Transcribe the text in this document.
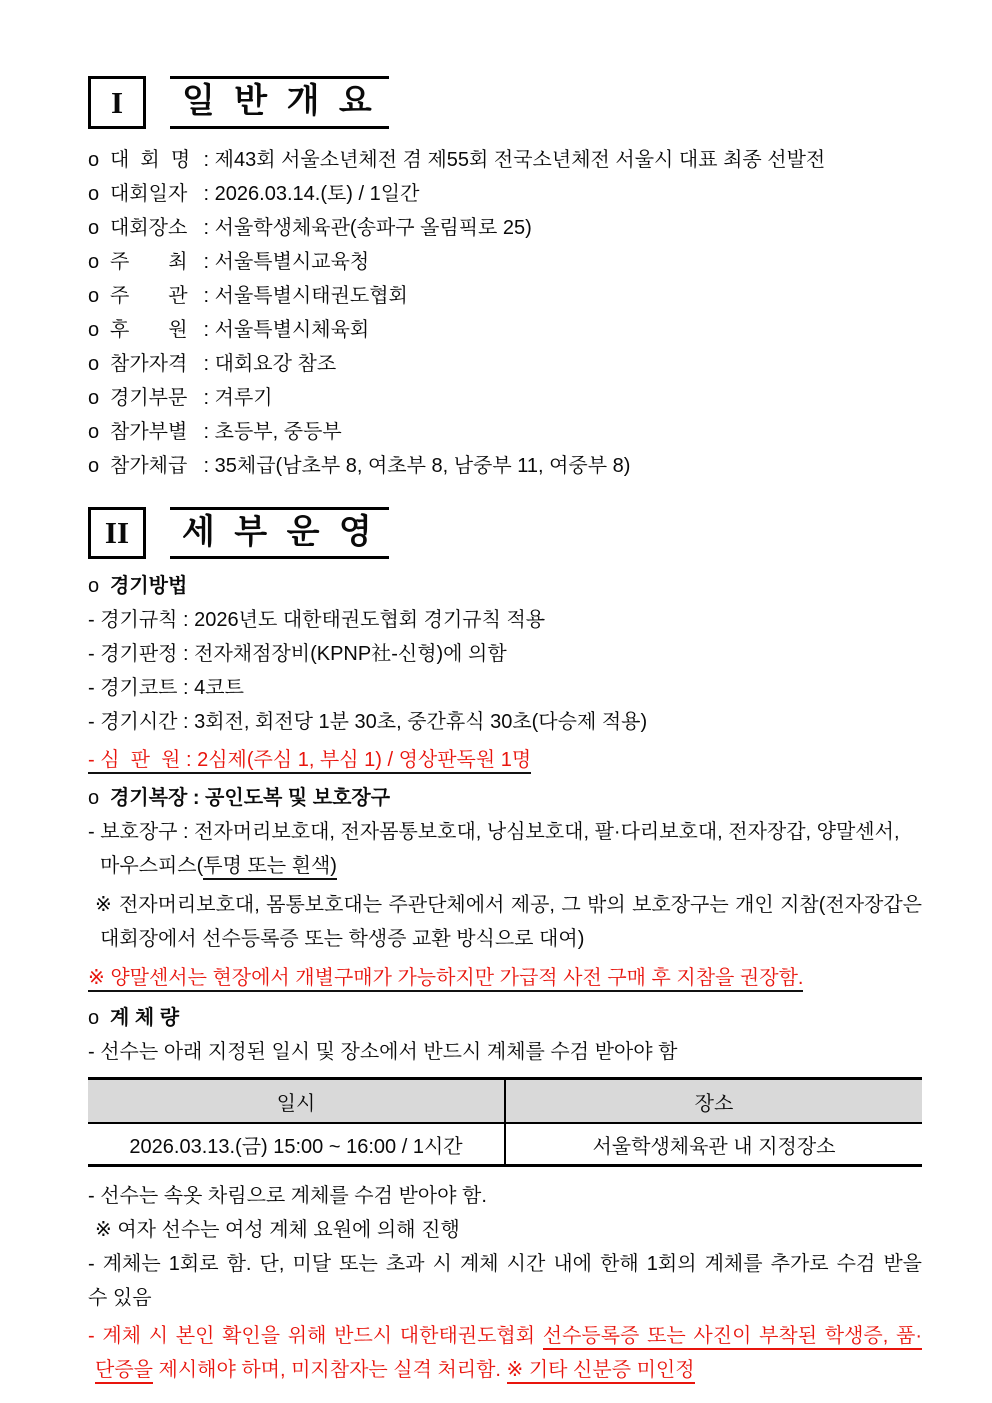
I	일 반 개 요
o 대  회  명 : 제43회 서울소년체전 겸 제55회 전국소년체전 서울시 대표 최종 선발전
o 대회일자 : 2026.03.14.(토) / 1일간
o 대회장소 : 서울학생체육관(송파구 올림픽로 25)
o 주       최 : 서울특별시교육청
o 주       관 : 서울특별시태권도협회
o 후       원 : 서울특별시체육회
o 참가자격 : 대회요강 참조
o 경기부문 : 겨루기
o 참가부별 : 초등부, 중등부
o 참가체급 : 35체급(남초부 8, 여초부 8, 남중부 11, 여중부 8)
II	세 부 운 영
o 경기방법
- 경기규칙 : 2026년도 대한태권도협회 경기규칙 적용
- 경기판정 : 전자채점장비(KPNP社-신형)에 의함
- 경기코트 : 4코트
- 경기시간 : 3회전, 회전당 1분 30초, 중간휴식 30초(다승제 적용)
- 심  판  원 : 2심제(주심 1, 부심 1) / 영상판독원 1명
o 경기복장 : 공인도복 및 보호장구
- 보호장구 : 전자머리보호대, 전자몸통보호대, 낭심보호대, 팔·다리보호대, 전자장갑, 양말센서,
마우스피스(투명 또는 흰색)
※ 전자머리보호대, 몸통보호대는 주관단체에서 제공, 그 밖의 보호장구는 개인 지참(전자장갑은
대회장에서 선수등록증 또는 학생증 교환 방식으로 대여)
※ 양말센서는 현장에서 개별구매가 가능하지만 가급적 사전 구매 후 지참을 권장함.
o 계 체 량
- 선수는 아래 지정된 일시 및 장소에서 반드시 계체를 수검 받아야 함
일시	장소
2026.03.13.(금) 15:00 ~ 16:00 / 1시간	서울학생체육관 내 지정장소
- 선수는 속옷 차림으로 계체를 수검 받아야 함.
※ 여자 선수는 여성 계체 요원에 의해 진행
- 계체는 1회로 함. 단, 미달 또는 초과 시 계체 시간 내에 한해 1회의 계체를 추가로 수검 받을
수 있음
- 계체 시 본인 확인을 위해 반드시 대한태권도협회 선수등록증 또는 사진이 부착된 학생증, 품·
단증을 제시해야 하며, 미지참자는 실격 처리함. ※ 기타 신분증 미인정
